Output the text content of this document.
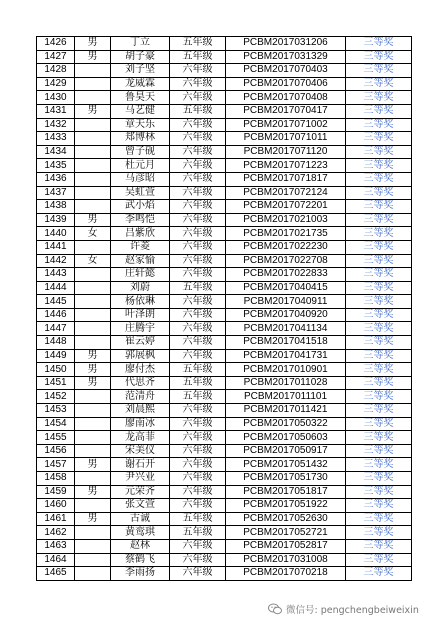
1426	男	丁立	五年级	PCBM2017031206	三等奖
1427	男	胡子豪	五年级	PCBM2017031329	三等奖
1428		刘子坚	六年级	PCBM2017070403	三等奖
1429		龙威霖	六年级	PCBM2017070406	三等奖
1430		鲁昊天	六年级	PCBM2017070408	三等奖
1431	男	马艺健	五年级	PCBM2017070417	三等奖
1432		章天乐	六年级	PCBM2017071002	三等奖
1433		郑博林	六年级	PCBM2017071011	三等奖
1434		曾子砚	六年级	PCBM2017071120	三等奖
1435		杜元月	六年级	PCBM2017071223	三等奖
1436		马彦昭	六年级	PCBM2017071817	三等奖
1437		吴虹萱	六年级	PCBM2017072124	三等奖
1438		武小焰	六年级	PCBM2017072201	三等奖
1439	男	李鸣恺	六年级	PCBM2017021003	三等奖
1440	女	吕紫欣	六年级	PCBM2017021735	三等奖
1441		许菱	六年级	PCBM2017022230	三等奖
1442	女	赵家愉	六年级	PCBM2017022708	三等奖
1443		庄轩懿	六年级	PCBM2017022833	三等奖
1444		刘蔚	五年级	PCBM2017040415	三等奖
1445		杨依琳	六年级	PCBM2017040911	三等奖
1446		叶泽朗	六年级	PCBM2017040920	三等奖
1447		庄腾宇	六年级	PCBM2017041134	三等奖
1448		崔云婷	六年级	PCBM2017041518	三等奖
1449	男	郭展枫	六年级	PCBM2017041731	三等奖
1450	男	廖付杰	五年级	PCBM2017010901	三等奖
1451	男	代思齐	五年级	PCBM2017011028	三等奖
1452		范清舟	五年级	PCBM2017011101	三等奖
1453		刘晨熙	六年级	PCBM2017011421	三等奖
1454		廖南冰	六年级	PCBM2017050322	三等奖
1455		龙高菲	六年级	PCBM2017050603	三等奖
1456		宋美仪	六年级	PCBM2017050917	三等奖
1457	男	谢石开	六年级	PCBM2017051432	三等奖
1458		尹兴业	六年级	PCBM2017051730	三等奖
1459	男	元荣齐	六年级	PCBM2017051817	三等奖
1460		张文萱	六年级	PCBM2017051922	三等奖
1461	男	古诚	五年级	PCBM2017052630	三等奖
1462		黄鸾琪	五年级	PCBM2017052721	三等奖
1463		赵林	六年级	PCBM2017052817	三等奖
1464		蔡鹤飞	六年级	PCBM2017031008	三等奖
1465		李雨扬	六年级	PCBM2017070218	三等奖
微信号: pengchengbeiweixin
